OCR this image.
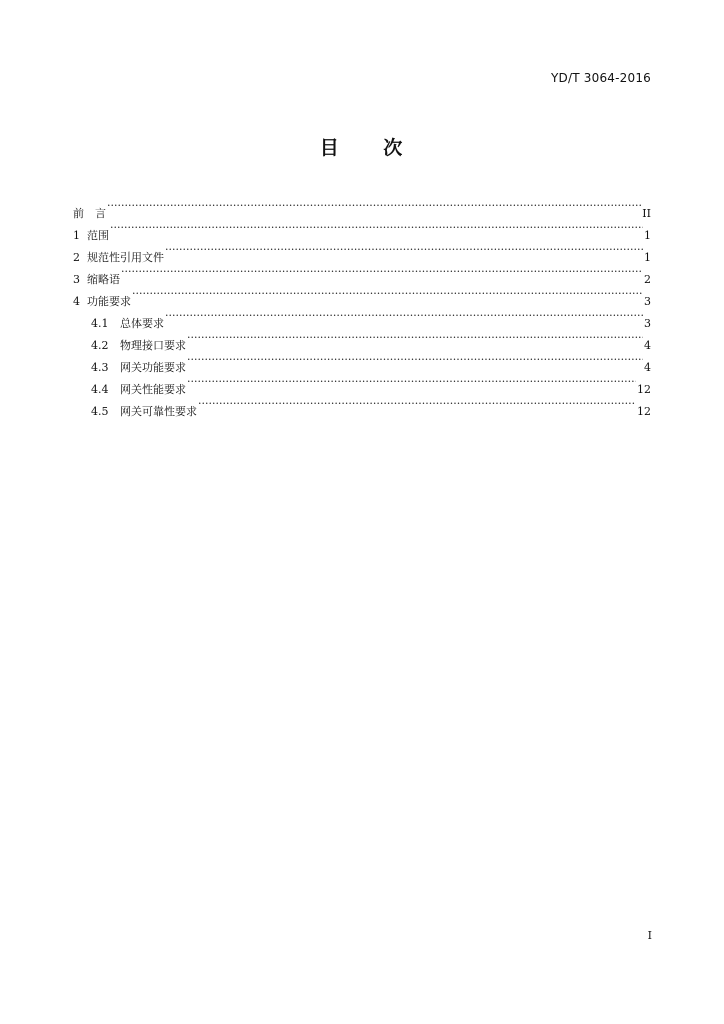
YD/T 3064-2016
目 次
前　言 ·····	II
1 范围 ·····	1
2 规范性引用文件 ·····	1
3 缩略语 ·····	2
4 功能要求 ·····	3
4.1	总体要求 ·····	3
4.2	物理接口要求 ·····	4
4.3	网关功能要求 ·····	4
4.4	网关性能要求 ·····	12
4.5	网关可靠性要求 ·····	12
I
